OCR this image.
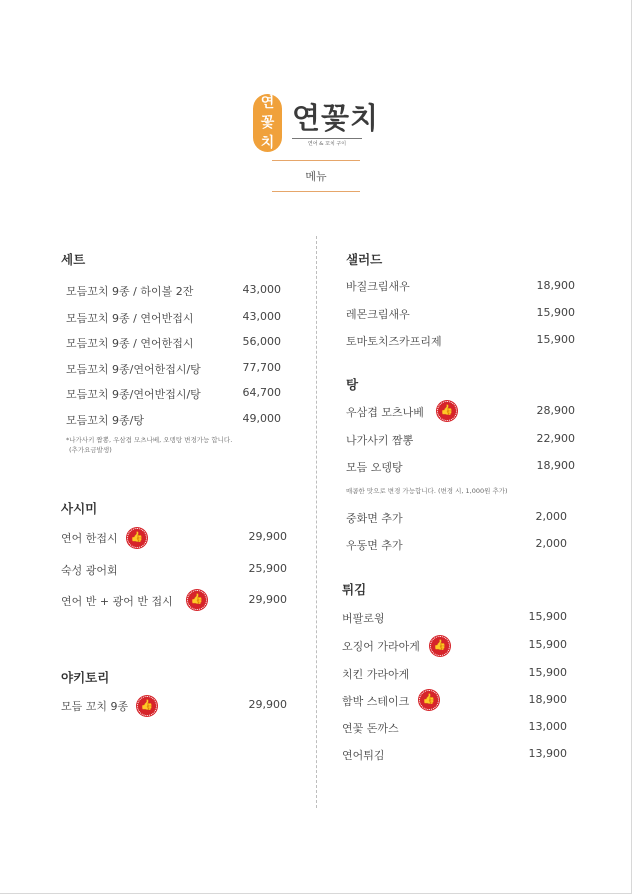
연
꽃
치
연꽃치
연어 & 꼬치 구이
메뉴
세트
모듬꼬치 9종 / 하이볼 2잔	43,000
모듬꼬치 9종 / 연어반접시	43,000
모듬꼬치 9종 / 연어한접시	56,000
모듬꼬치 9종/연어한접시/탕	77,700
모듬꼬치 9종/연어반접시/탕	64,700
모듬꼬치 9종/탕	49,000
*나가사키 짬뽕, 우삼겹 모츠나베, 오뎅탕 변경가능 합니다.
(추가요금발생)
사시미
연어 한접시	👍	29,900
숙성 광어회	25,900
연어 반 + 광어 반 접시	👍	29,900
야키토리
모듬 꼬치 9종	👍	29,900
샐러드
바질크림새우	18,900
레몬크림새우	15,900
토마토치즈카프리제	15,900
탕
우삼겹 모츠나베	👍	28,900
나가사키 짬뽕	22,900
모듬 오뎅탕	18,900
매콤한 맛으로 변경 가능합니다. (변경 시, 1,000원 추가)
중화면 추가	2,000
우동면 추가	2,000
튀김
버팔로윙	15,900
오징어 가라아게	👍	15,900
치킨 가라아게	15,900
함박 스테이크	👍	18,900
연꽃 돈까스	13,000
연어튀김	13,900
